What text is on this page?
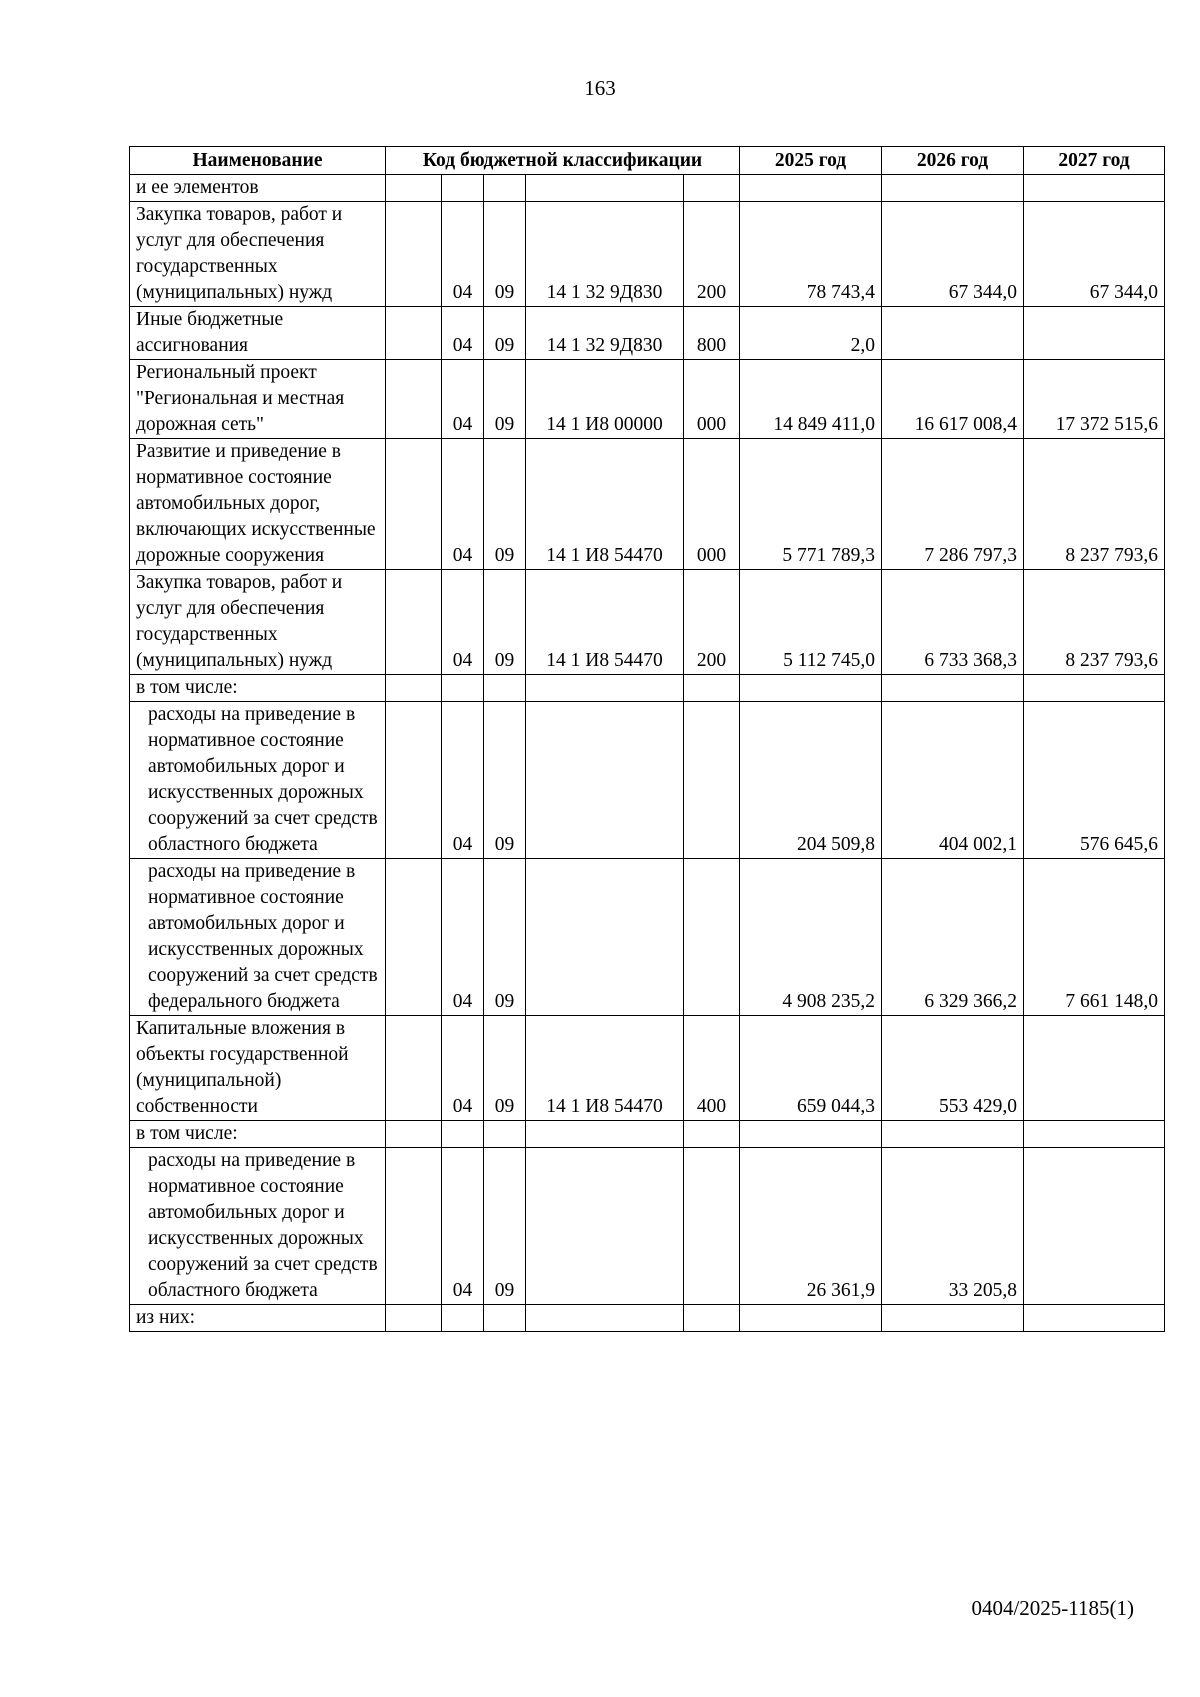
163
Наименование	Код бюджетной классификации					2025 год	2026 год	2027 год
и ее элементов								
Закупка товаров, работ и услуг для обеспечения государственных (муниципальных) нужд		04	09	14 1 32 9Д830	200	78 743,4	67 344,0	67 344,0
Иные бюджетные ассигнования		04	09	14 1 32 9Д830	800	2,0		
Региональный проект "Региональная и местная дорожная сеть"		04	09	14 1 И8 00000	000	14 849 411,0	16 617 008,4	17 372 515,6
Развитие и приведение в нормативное состояние автомобильных дорог, включающих искусственные дорожные сооружения		04	09	14 1 И8 54470	000	5 771 789,3	7 286 797,3	8 237 793,6
Закупка товаров, работ и услуг для обеспечения государственных (муниципальных) нужд		04	09	14 1 И8 54470	200	5 112 745,0	6 733 368,3	8 237 793,6
в том числе:								
расходы на приведение в нормативное состояние автомобильных дорог и искусственных дорожных сооружений за счет средств областного бюджета		04	09			204 509,8	404 002,1	576 645,6
расходы на приведение в нормативное состояние автомобильных дорог и искусственных дорожных сооружений за счет средств федерального бюджета		04	09			4 908 235,2	6 329 366,2	7 661 148,0
Капитальные вложения в объекты государственной (муниципальной) собственности		04	09	14 1 И8 54470	400	659 044,3	553 429,0	
в том числе:								
расходы на приведение в нормативное состояние автомобильных дорог и искусственных дорожных сооружений за счет средств областного бюджета		04	09			26 361,9	33 205,8	
из них:								
0404/2025-1185(1)
